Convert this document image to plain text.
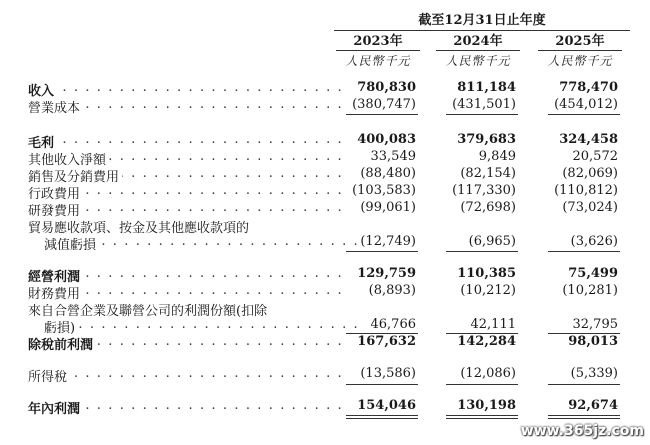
截至12月31日止年度
2023年
人民幣千元
2024年
人民幣千元
2025年
人民幣千元
收入 . . .	780,830	811,184	778,470
營業成本 . . .	(380,747)	(431,501)	(454,012)
毛利 . . .	400,083	379,683	324,458
其他收入淨額 . . .	33,549	9,849	20,572
銷售及分銷費用 . . .	(88,480)	(82,154)	(82,069)
行政費用 . . .	(103,583)	(117,330)	(110,812)
研發費用 . . .	(99,061)	(72,698)	(73,024)
貿易應收款項、按金及其他應收款項的
減值虧損 . . .	(12,749)	(6,965)	(3,626)
經營利潤 . . .	129,759	110,385	75,499
財務費用 . . .	(8,893)	(10,212)	(10,281)
來自合營企業及聯營公司的利潤份額(扣除
虧損) . . .	46,766	42,111	32,795
除稅前利潤 . . .	167,632	142,284	98,013
所得稅 . . .	(13,586)	(12,086)	(5,339)
年內利潤 . . .	154,046	130,198	92,674
www.365jz.com
